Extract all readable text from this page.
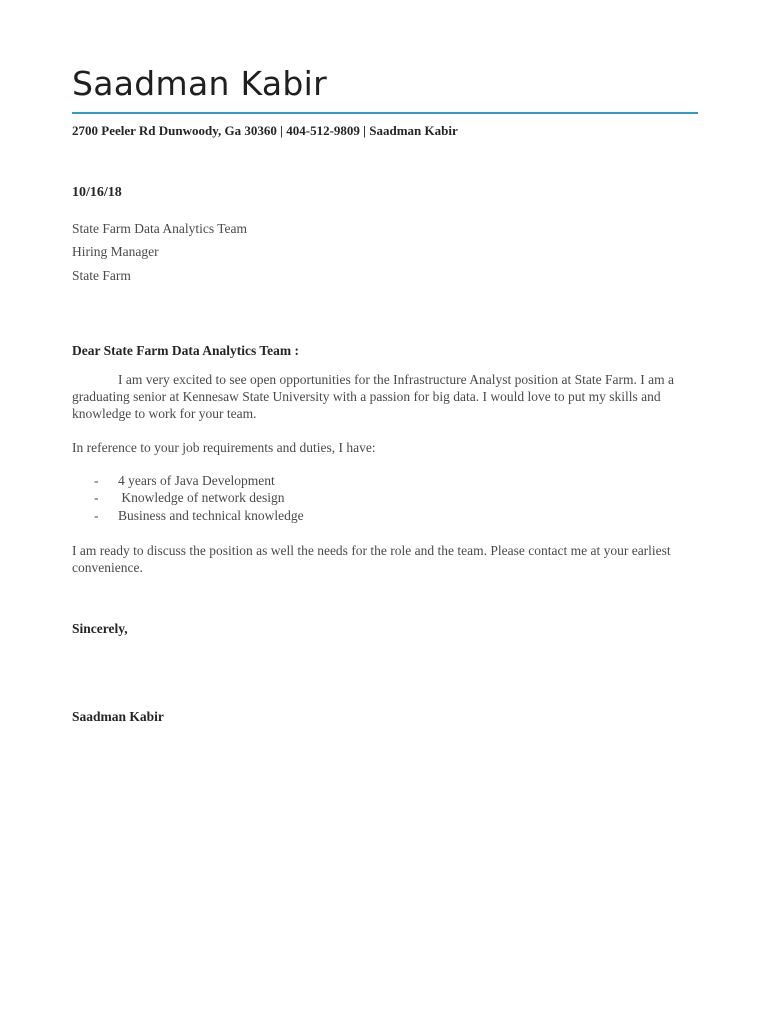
Saadman Kabir
2700 Peeler Rd Dunwoody, Ga 30360 | 404-512-9809 | Saadman Kabir
10/16/18
State Farm Data Analytics Team
Hiring Manager
State Farm
Dear State Farm Data Analytics Team :

I am very excited to see open opportunities for the Infrastructure Analyst position at State Farm. I am a graduating senior at Kennesaw State University with a passion for big data. I would love to put my skills and knowledge to work for your team.

In reference to your job requirements and duties, I have:

- 4 years of Java Development
- Knowledge of network design
- Business and technical knowledge

I am ready to discuss the position as well the needs for the role and the team. Please contact me at your earliest convenience.

Sincerely,
Saadman Kabir
